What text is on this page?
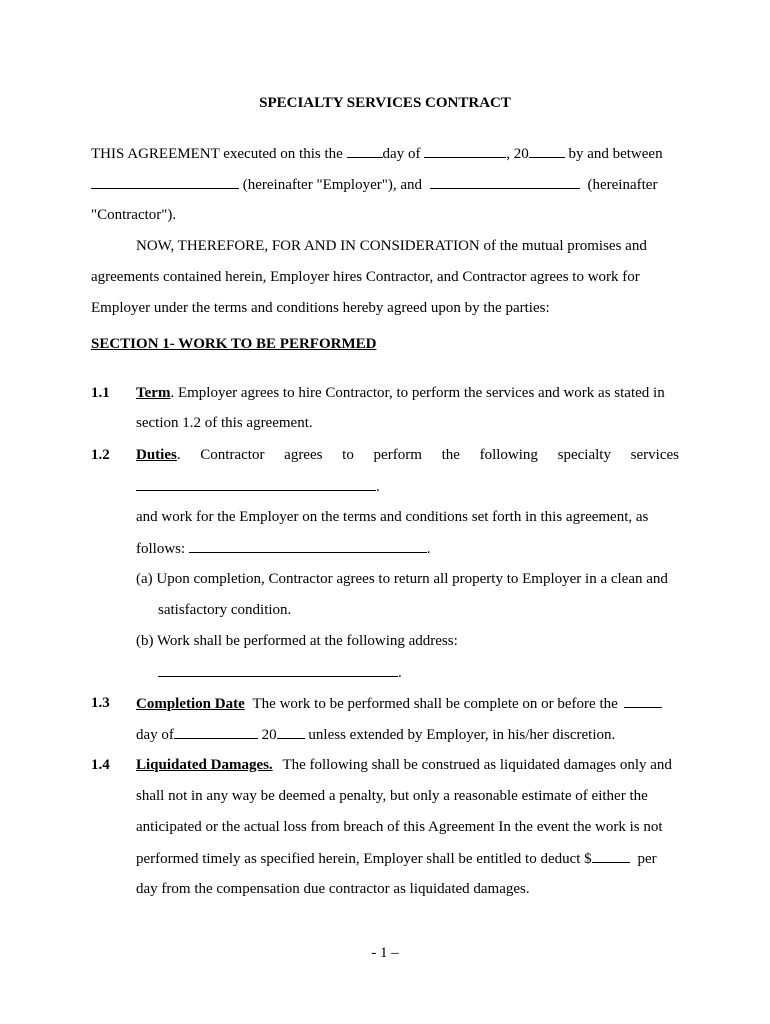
SPECIALTY SERVICES CONTRACT
THIS AGREEMENT executed on this the	day of	, 20	by and between
(hereinafter "Employer"), and	(hereinafter
"Contractor").
NOW, THEREFORE, FOR AND IN CONSIDERATION of the mutual promises and
agreements contained herein, Employer hires Contractor, and Contractor agrees to work for
Employer under the terms and conditions hereby agreed upon by the parties:
SECTION 1- WORK TO BE PERFORMED
1.1 Term. Employer agrees to hire Contractor, to perform the services and work as stated in
section 1.2 of this agreement.
1.2 Duties. Contractor agrees to perform the following specialty services
.
and work for the Employer on the terms and conditions set forth in this agreement, as
follows:	.
(a) Upon completion, Contractor agrees to return all property to Employer in a clean and
satisfactory condition.
(b) Work shall be performed at the following address:
.
1.3 Completion Date The work to be performed shall be complete on or before the
day of	20 unless extended by Employer, in his/her discretion.
1.4 Liquidated Damages. The following shall be construed as liquidated damages only and
shall not in any way be deemed a penalty, but only a reasonable estimate of either the
anticipated or the actual loss from breach of this Agreement In the event the work is not
performed timely as specified herein, Employer shall be entitled to deduct $	per
day from the compensation due contractor as liquidated damages.
- 1 –
